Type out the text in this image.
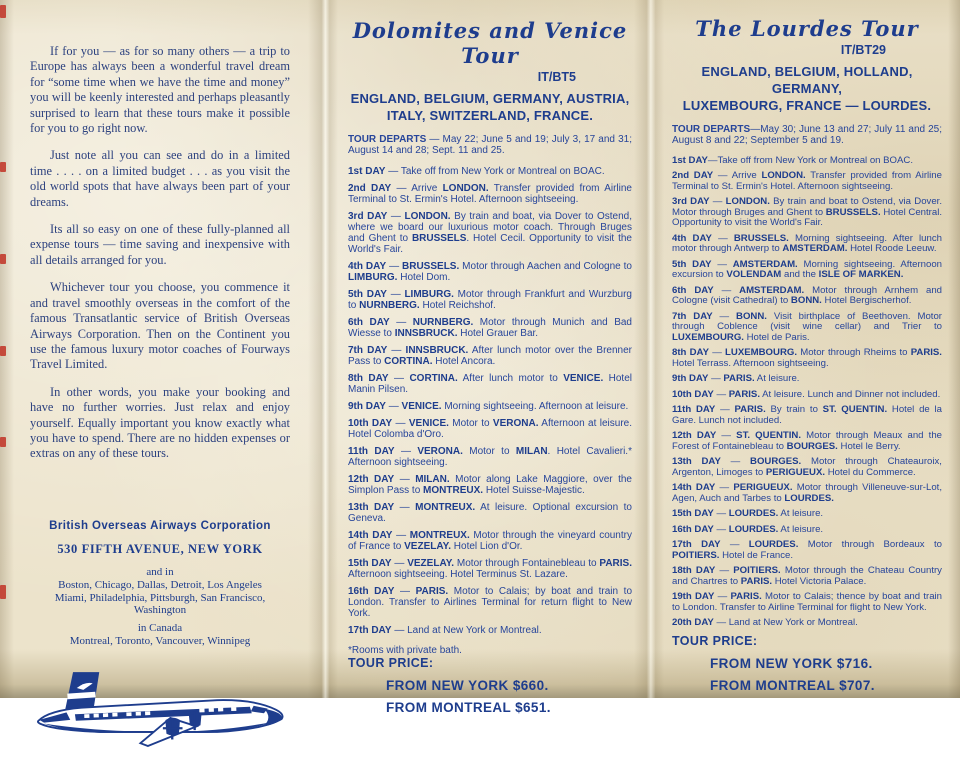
If for you — as for so many others — a trip to Europe has always been a wonderful travel dream for “some time when we have the time and money” you will be keenly interested and perhaps pleasantly surprised to learn that these tours make it possible for you to go right now.

Just note all you can see and do in a limited time . . . . on a limited budget . . . as you visit the old world spots that have always been part of your dreams.

Its all so easy on one of these fully-planned all expense tours — time saving and inexpensive with all details arranged for you.

Whichever tour you choose, you commence it and travel smoothly overseas in the comfort of the famous Transatlantic service of British Overseas Airways Corporation. Then on the Continent you use the famous luxury motor coaches of Fourways Travel Limited.

In other words, you make your booking and have no further worries. Just relax and enjoy yourself. Equally important you know exactly what you have to spend. There are no hidden expenses or extras on any of these tours.

British Overseas Airways Corporation

530 FIFTH AVENUE, NEW YORK

and in

Boston, Chicago, Dallas, Detroit, Los Angeles

Miami, Philadelphia, Pittsburgh, San Francisco, Washington

in Canada

Montreal, Toronto, Vancouver, Winnipeg

Dolomites and Venice Tour

IT/BT5

ENGLAND, BELGIUM, GERMANY, AUSTRIA,
ITALY, SWITZERLAND, FRANCE.

TOUR DEPARTS — May 22; June 5 and 19; July 3, 17 and 31; August 14 and 28; Sept. 11 and 25.

1st DAY — Take off from New York or Montreal on BOAC.

2nd DAY — Arrive LONDON. Transfer provided from Airline Terminal to St. Ermin's Hotel. Afternoon sightseeing.

3rd DAY — LONDON. By train and boat, via Dover to Ostend, where we board our luxurious motor coach. Through Bruges and Ghent to BRUSSELS. Hotel Cecil. Opportunity to visit the World's Fair.

4th DAY — BRUSSELS. Motor through Aachen and Cologne to LIMBURG. Hotel Dom.

5th DAY — LIMBURG. Motor through Frankfurt and Wurzburg to NURNBERG. Hotel Reichshof.

6th DAY — NURNBERG. Motor through Munich and Bad Wiesse to INNSBRUCK. Hotel Grauer Bar.

7th DAY — INNSBRUCK. After lunch motor over the Brenner Pass to CORTINA. Hotel Ancora.

8th DAY — CORTINA. After lunch motor to VENICE. Hotel Manin Pilsen.

9th DAY — VENICE. Morning sightseeing. Afternoon at leisure.

10th DAY — VENICE. Motor to VERONA. Afternoon at leisure. Hotel Colomba d'Oro.

11th DAY — VERONA. Motor to MILAN. Hotel Cavalieri.* Afternoon sightseeing.

12th DAY — MILAN. Motor along Lake Maggiore, over the Simplon Pass to MONTREUX. Hotel Suisse-Majestic.

13th DAY — MONTREUX. At leisure. Optional excursion to Geneva.

14th DAY — MONTREUX. Motor through the vineyard country of France to VEZELAY. Hotel Lion d'Or.

15th DAY — VEZELAY. Motor through Fontainebleau to PARIS. Afternoon sightseeing. Hotel Terminus St. Lazare.

16th DAY — PARIS. Motor to Calais; by boat and train to London. Transfer to Airlines Terminal for return flight to New York.

17th DAY — Land at New York or Montreal.

*Rooms with private bath.

TOUR PRICE:

FROM NEW YORK $660.

FROM MONTREAL $651.

The Lourdes Tour

IT/BT29

ENGLAND, BELGIUM, HOLLAND, GERMANY,
LUXEMBOURG, FRANCE — LOURDES.

TOUR DEPARTS—May 30; June 13 and 27; July 11 and 25; August 8 and 22; September 5 and 19.

1st DAY—Take off from New York or Montreal on BOAC.

2nd DAY — Arrive LONDON. Transfer provided from Airline Terminal to St. Ermin's Hotel. Afternoon sightseeing.

3rd DAY — LONDON. By train and boat to Ostend, via Dover. Motor through Bruges and Ghent to BRUSSELS. Hotel Central. Opportunity to visit the World's Fair.

4th DAY — BRUSSELS. Morning sightseeing. After lunch motor through Antwerp to AMSTERDAM. Hotel Roode Leeuw.

5th DAY — AMSTERDAM. Morning sightseeing. Afternoon excursion to VOLENDAM and the ISLE OF MARKEN.

6th DAY — AMSTERDAM. Motor through Arnhem and Cologne (visit Cathedral) to BONN. Hotel Bergischerhof.

7th DAY — BONN. Visit birthplace of Beethoven. Motor through Coblence (visit wine cellar) and Trier to LUXEMBOURG. Hotel de Paris.

8th DAY — LUXEMBOURG. Motor through Rheims to PARIS. Hotel Terrass. Afternoon sightseeing.

9th DAY — PARIS. At leisure.

10th DAY — PARIS. At leisure. Lunch and Dinner not included.

11th DAY — PARIS. By train to ST. QUENTIN. Hotel de la Gare. Lunch not included.

12th DAY — ST. QUENTIN. Motor through Meaux and the Forest of Fontainebleau to BOURGES. Hotel le Berry.

13th DAY — BOURGES. Motor through Chateauroix, Argenton, Limoges to PERIGUEUX. Hotel du Commerce.

14th DAY — PERIGUEUX. Motor through Villeneuve-sur-Lot, Agen, Auch and Tarbes to LOURDES.

15th DAY — LOURDES. At leisure.

16th DAY — LOURDES. At leisure.

17th DAY — LOURDES. Motor through Bordeaux to POITIERS. Hotel de France.

18th DAY — POITIERS. Motor through the Chateau Country and Chartres to PARIS. Hotel Victoria Palace.

19th DAY — PARIS. Motor to Calais; thence by boat and train to London. Transfer to Airline Terminal for flight to New York.

20th DAY — Land at New York or Montreal.

TOUR PRICE:

FROM NEW YORK $716.

FROM MONTREAL $707.
